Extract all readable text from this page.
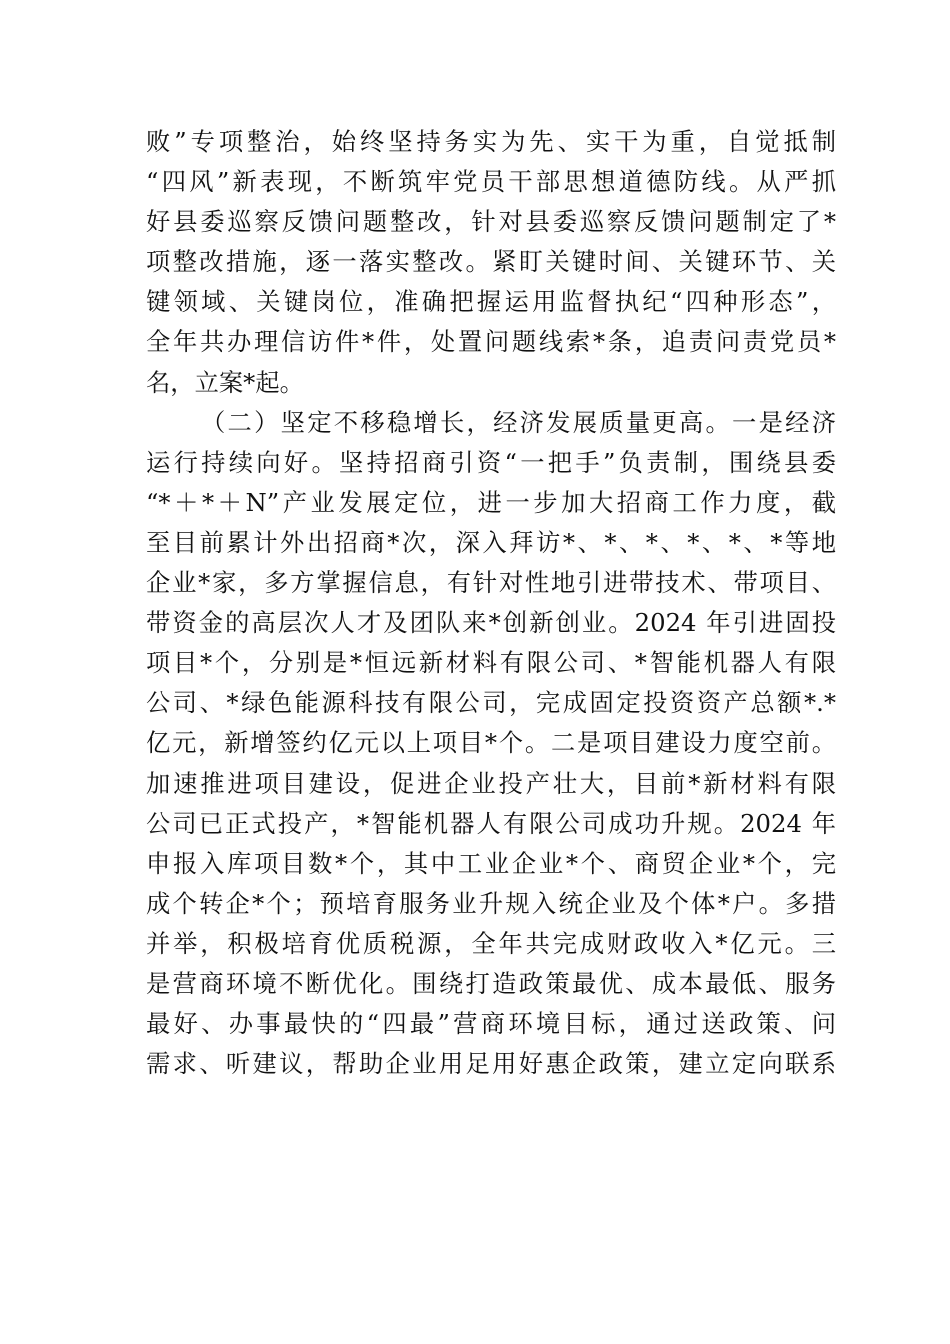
败”专项整治，始终坚持务实为先、实干为重，自觉抵制
“四风”新表现，不断筑牢党员干部思想道德防线。从严抓
好县委巡察反馈问题整改，针对县委巡察反馈问题制定了*
项整改措施，逐一落实整改。紧盯关键时间、关键环节、关
键领域、关键岗位，准确把握运用监督执纪“四种形态”，
全年共办理信访件*件，处置问题线索*条，追责问责党员*
名，立案*起。
（二）坚定不移稳增长，经济发展质量更高。一是经济
运行持续向好。坚持招商引资“一把手”负责制，围绕县委
“*＋*＋N”产业发展定位，进一步加大招商工作力度，截
至目前累计外出招商*次，深入拜访*、*、*、*、*、*等地
企业*家，多方掌握信息，有针对性地引进带技术、带项目、
带资金的高层次人才及团队来*创新创业。2024 年引进固投
项目*个，分别是*恒远新材料有限公司、*智能机器人有限
公司、*绿色能源科技有限公司，完成固定投资资产总额*.*
亿元，新增签约亿元以上项目*个。二是项目建设力度空前。
加速推进项目建设，促进企业投产壮大，目前*新材料有限
公司已正式投产，*智能机器人有限公司成功升规。2024 年
申报入库项目数*个，其中工业企业*个、商贸企业*个，完
成个转企*个；预培育服务业升规入统企业及个体*户。多措
并举，积极培育优质税源，全年共完成财政收入*亿元。三
是营商环境不断优化。围绕打造政策最优、成本最低、服务
最好、办事最快的“四最”营商环境目标，通过送政策、问
需求、听建议，帮助企业用足用好惠企政策，建立定向联系
